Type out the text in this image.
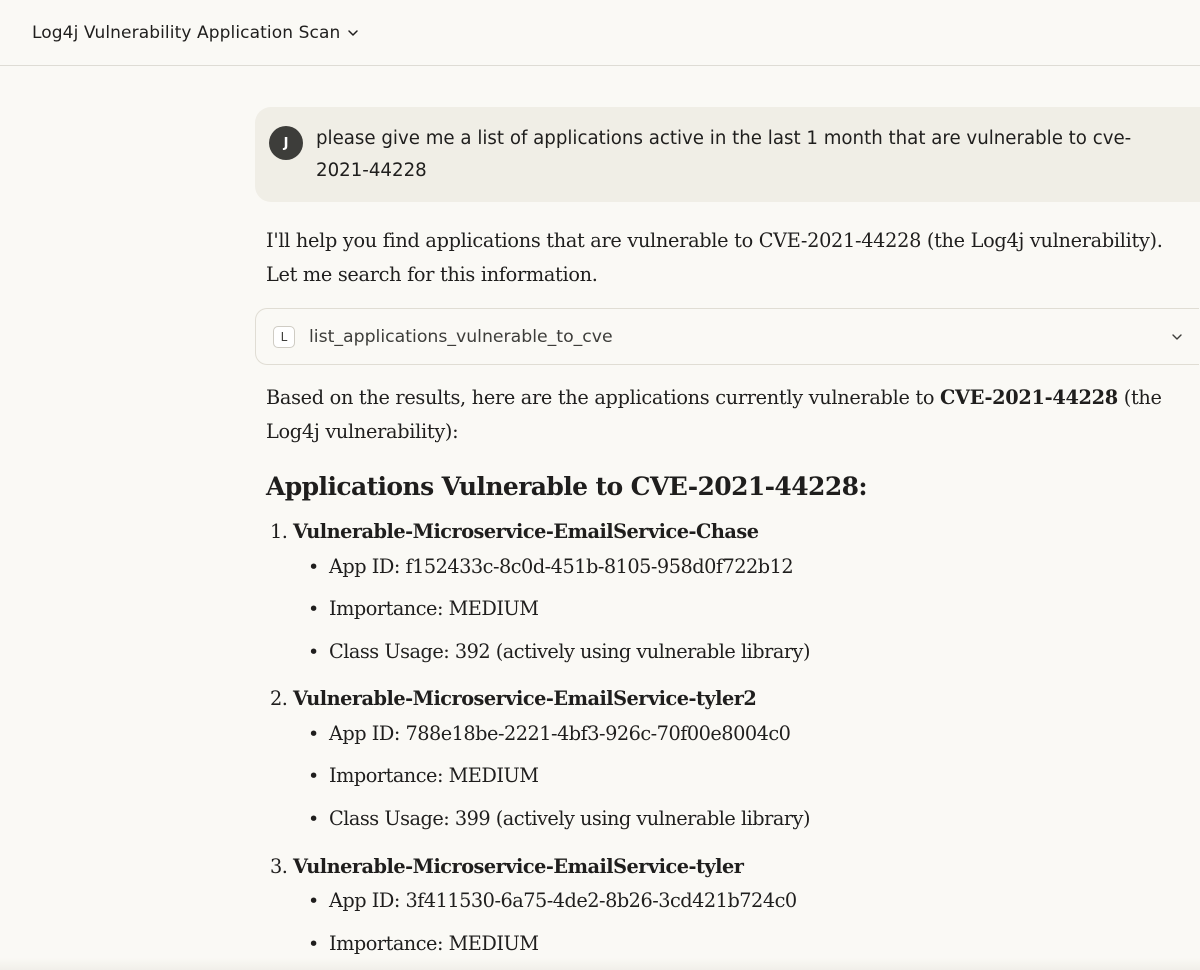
Log4j Vulnerability Application Scan
J	please give me a list of applications active in the last 1 month that are vulnerable to cve-2021-44228
L	list_applications_vulnerable_to_cve
I'll help you find applications that are vulnerable to CVE-2021-44228 (the Log4j vulnerability). Let me search for this information.
Based on the results, here are the applications currently vulnerable to CVE-2021-44228 (the Log4j vulnerability):
Applications Vulnerable to CVE-2021-44228:
1. Vulnerable-Microservice-EmailService-Chase
• App ID: f152433c-8c0d-451b-8105-958d0f722b12
• Importance: MEDIUM
• Class Usage: 392 (actively using vulnerable library)
2. Vulnerable-Microservice-EmailService-tyler2
• App ID: 788e18be-2221-4bf3-926c-70f00e8004c0
• Importance: MEDIUM
• Class Usage: 399 (actively using vulnerable library)
3. Vulnerable-Microservice-EmailService-tyler
• App ID: 3f411530-6a75-4de2-8b26-3cd421b724c0
• Importance: MEDIUM
